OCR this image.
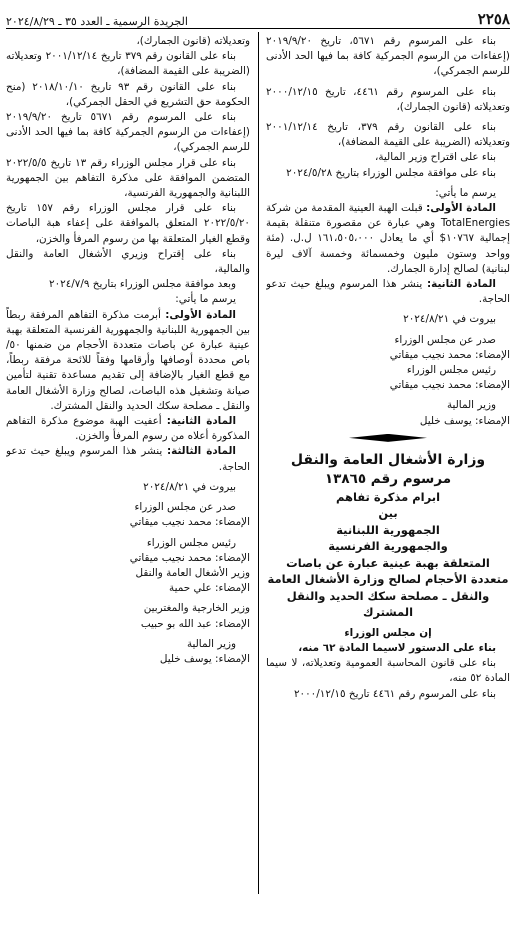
٢٢٥٨
الجريدة الرسمية ـ العدد ٣٥ ـ ٢٠٢٤/٨/٢٩

بناء على المرسوم رقم ٥٦٧١، تاريخ ٢٠١٩/٩/٢٠ (إعفاءات من الرسوم الجمركية كافة بما فيها الحد الأدنى للرسم الجمركي)،

بناء على المرسوم رقم ٤٤٦١، تاريخ ٢٠٠٠/١٢/١٥ وتعديلاته (قانون الجمارك)،

بناء على القانون رقم ٣٧٩، تاريخ ٢٠٠١/١٢/١٤ وتعديلاته (الضريبة على القيمة المضافة)،

بناء على اقتراح وزير المالية،

بناء على موافقة مجلس الوزراء بتاريخ ٢٠٢٤/٥/٢٨

يرسم ما يأتي:

المادة الأولى: قبلت الهبة العينية المقدمة من شركة TotalEnergies وهي عبارة عن مقصورة متنقلة بقيمة إجمالية ١٠٧٦٧$ أي ما يعادل ١٦١،٥٠٥،٠٠٠ ل.ل. (مئة وواحد وستون مليون وخمسمائة وخمسة آلاف ليرة لبنانية) لصالح إدارة الجمارك.

المادة الثانية: ينشر هذا المرسوم ويبلغ حيث تدعو الحاجة.

بيروت في ٢٠٢٤/٨/٢١

صدر عن مجلس الوزراء

الإمضاء: محمد نجيب ميقاتي

رئيس مجلس الوزراء

الإمضاء: محمد نجيب ميقاتي

وزير المالية

الإمضاء: يوسف خليل

وزارة الأشغال العامة والنقل

مرسوم رقم ١٣٨٦٥

ابرام مذكرة تفاهم

بين

الجمهورية اللبنانية

والجمهورية الفرنسية

المتعلقة بهبة عينية عبارة عن باصات متعددة الأحجام لصالح وزارة الأشغال العامة والنقل ـ مصلحة سكك الحديد والنقل المشترك

إن مجلس الوزراء

بناء على الدستور لاسيما المادة ٦٢ منه،

بناء على قانون المحاسبة العمومية وتعديلاته، لا سيما المادة ٥٢ منه،

بناء على المرسوم رقم ٤٤٦١ تاريخ ٢٠٠٠/١٢/١٥

وتعديلاته (قانون الجمارك)،

بناء على القانون رقم ٣٧٩ تاريخ ٢٠٠١/١٢/١٤ وتعديلاته (الضريبة على القيمة المضافة)،

بناء على القانون رقم ٩٣ تاريخ ٢٠١٨/١٠/١٠ (منح الحكومة حق التشريع في الحقل الجمركي)،

بناء على المرسوم رقم ٥٦٧١ تاريخ ٢٠١٩/٩/٢٠ (إعفاءات من الرسوم الجمركية كافة بما فيها الحد الأدنى للرسم الجمركي)،

بناء على قرار مجلس الوزراء رقم ١٣ تاريخ ٢٠٢٢/٥/٥ المتضمن الموافقة على مذكرة التفاهم بين الجمهورية اللبنانية والجمهورية الفرنسية،

بناء على قرار مجلس الوزراء رقم ١٥٧ تاريخ ٢٠٢٢/٥/٢٠ المتعلق بالموافقة على إعفاء هبة الباصات وقطع الغيار المتعلقة بها من رسوم المرفأ والخزن،

بناء على إقتراح وزيري الأشغال العامة والنقل والمالية،

وبعد موافقة مجلس الوزراء بتاريخ ٢٠٢٤/٧/٩

يرسم ما يأتي:

المادة الأولى: أبرمت مذكرة التفاهم المرفقة ربطاً بين الجمهورية اللبنانية والجمهورية الفرنسية المتعلقة بهبة عينية عبارة عن باصات متعددة الأحجام من ضمنها ٥٠/ باص محددة أوصافها وأرقامها وفقاً للائحة مرفقة ربطاً، مع قطع الغيار بالإضافة إلى تقديم مساعدة تقنية لتأمين صيانة وتشغيل هذه الباصات، لصالح وزارة الأشغال العامة والنقل ـ مصلحة سكك الحديد والنقل المشترك.

المادة الثانية: أعفيت الهبة موضوع مذكرة التفاهم المذكورة أعلاه من رسوم المرفأ والخزن.

المادة الثالثة: ينشر هذا المرسوم ويبلغ حيث تدعو الحاجة.

بيروت في ٢٠٢٤/٨/٢١

صدر عن مجلس الوزراء

الإمضاء: محمد نجيب ميقاتي

رئيس مجلس الوزراء

الإمضاء: محمد نجيب ميقاتي

وزير الأشغال العامة والنقل

الإمضاء: علي حمية

وزير الخارجية والمغتربين

الإمضاء: عبد الله بو حبيب

وزير المالية

الإمضاء: يوسف خليل
